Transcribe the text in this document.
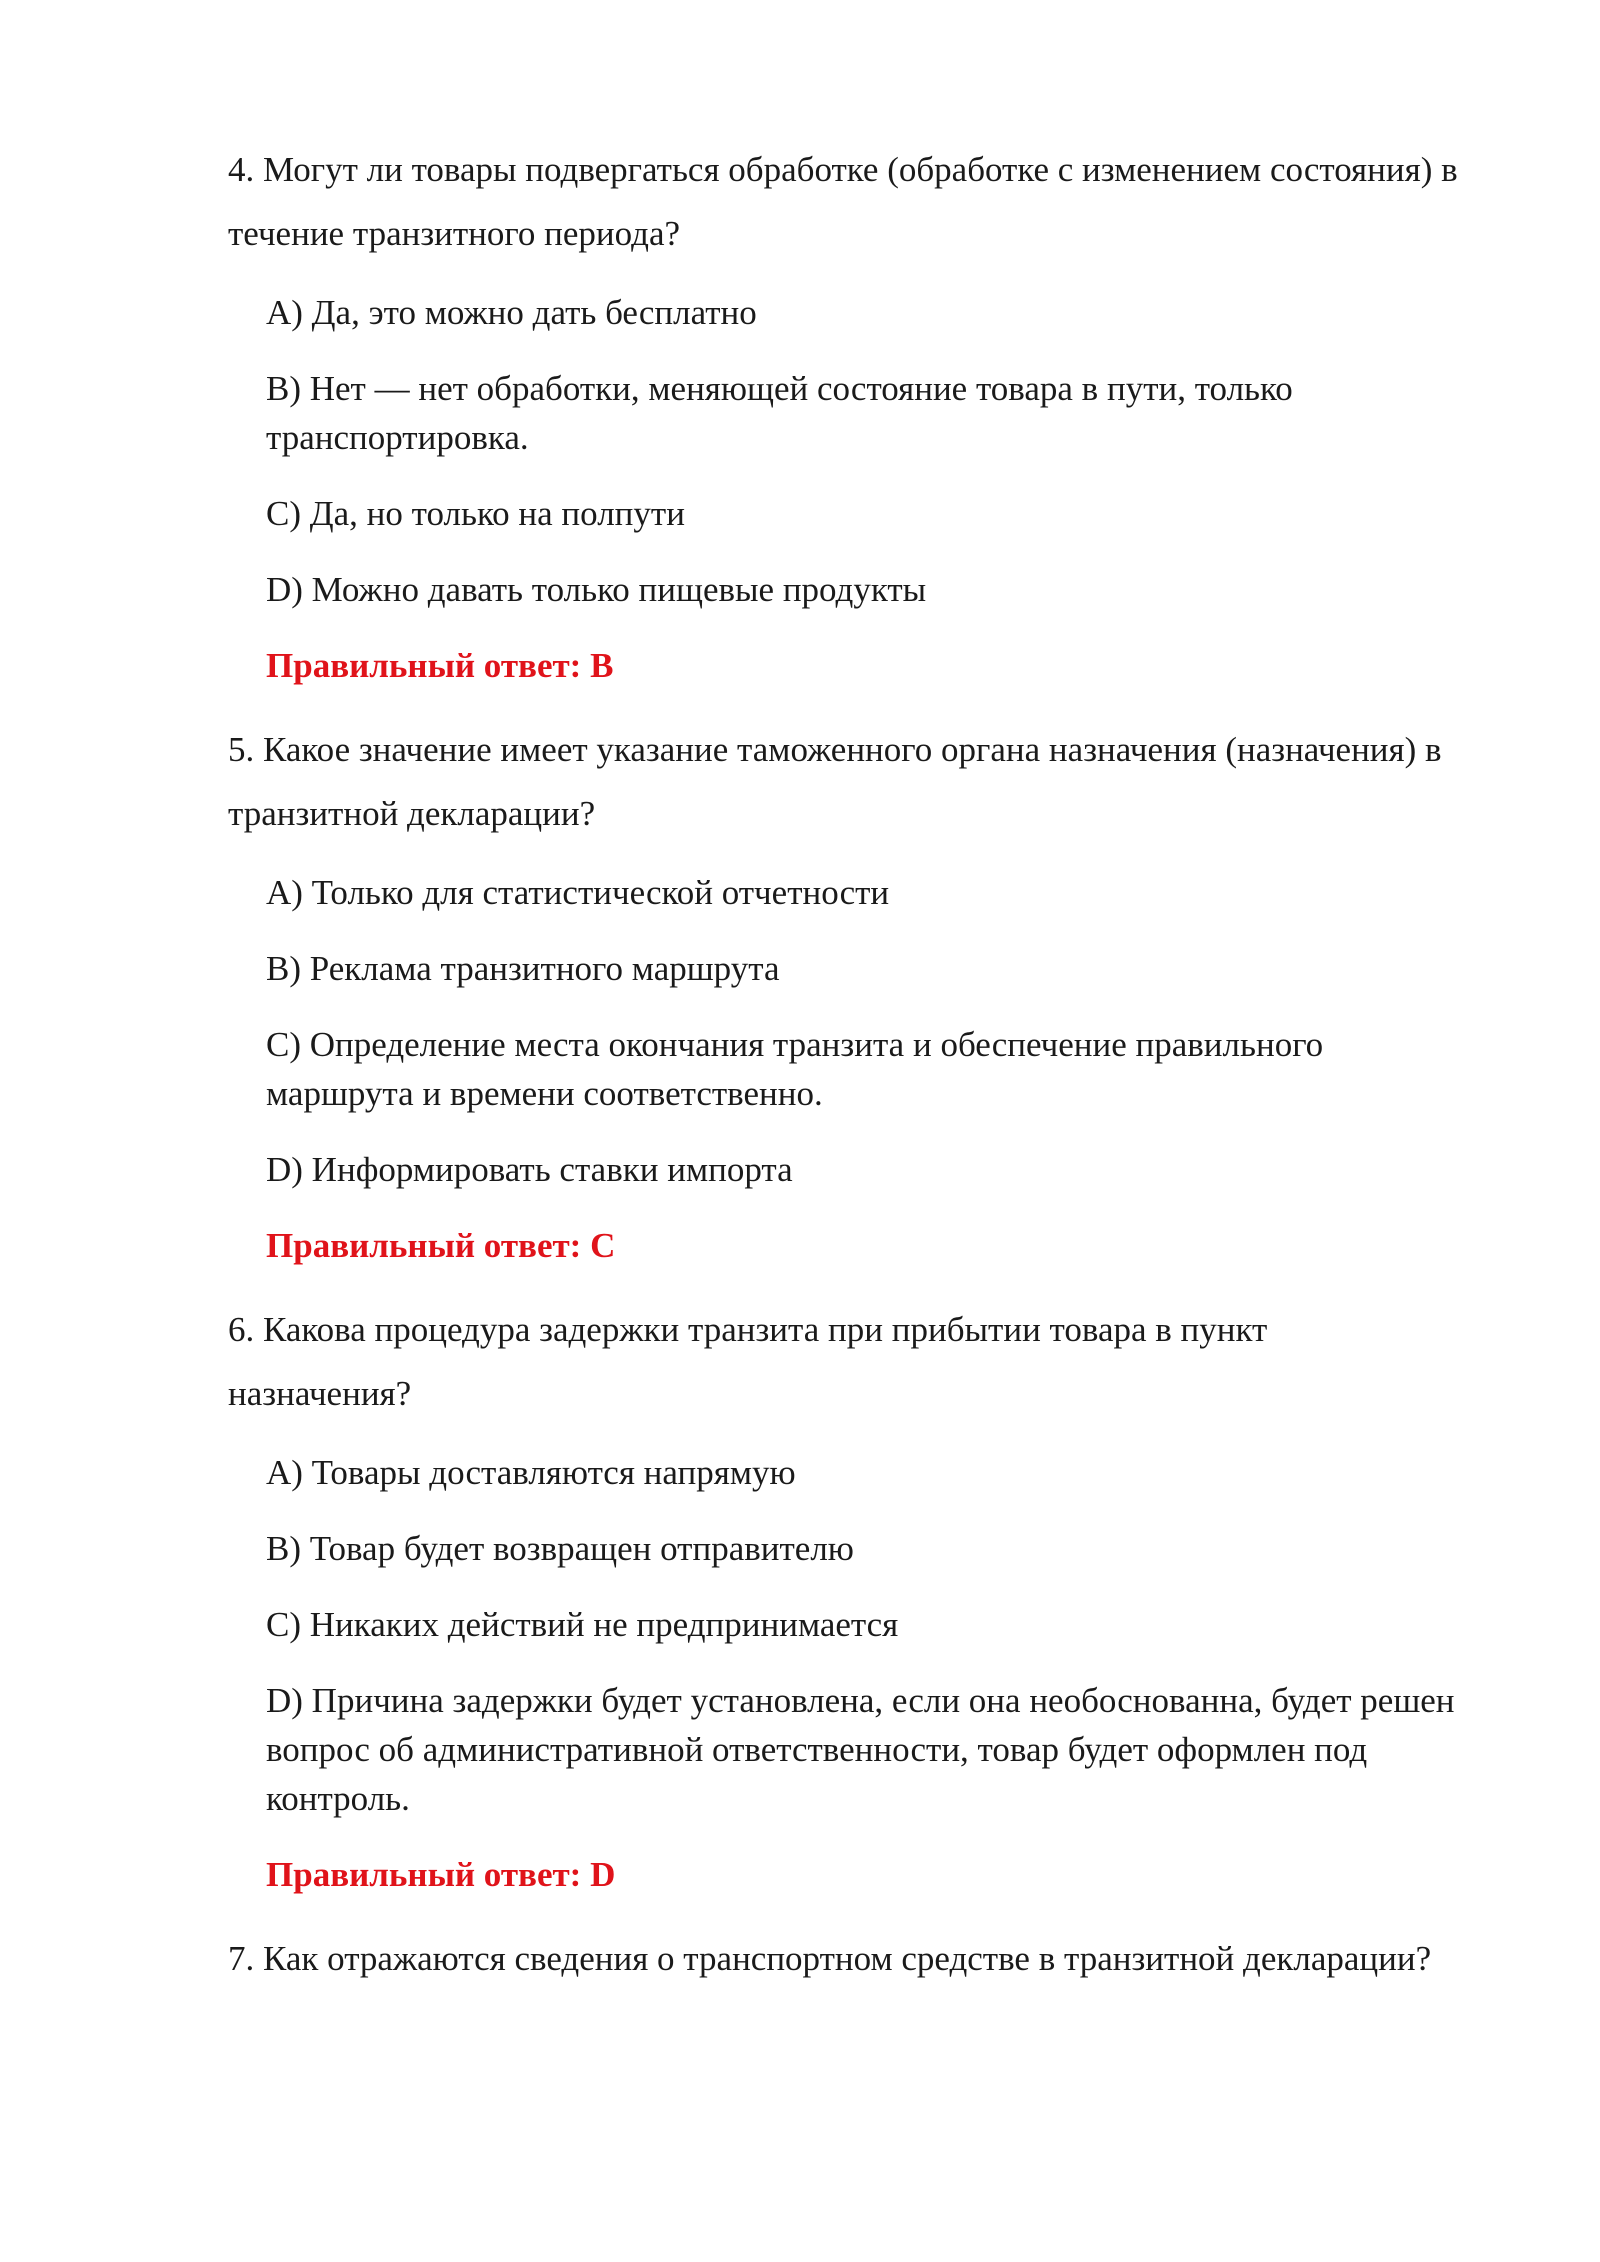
4. Могут ли товары подвергаться обработке (обработке с изменением состояния) в течение транзитного периода?

A) Да, это можно дать бесплатно

B) Нет — нет обработки, меняющей состояние товара в пути, только транспортировка.

C) Да, но только на полпути

D) Можно давать только пищевые продукты

Правильный ответ: B

5. Какое значение имеет указание таможенного органа назначения (назначения) в транзитной декларации?

A) Только для статистической отчетности

B) Реклама транзитного маршрута

C) Определение места окончания транзита и обеспечение правильного маршрута и времени соответственно.

D) Информировать ставки импорта

Правильный ответ: C

6. Какова процедура задержки транзита при прибытии товара в пункт назначения?

A) Товары доставляются напрямую

B) Товар будет возвращен отправителю

C) Никаких действий не предпринимается

D) Причина задержки будет установлена, если она необоснованна, будет решен вопрос об административной ответственности, товар будет оформлен под контроль.

Правильный ответ: D

7. Как отражаются сведения о транспортном средстве в транзитной декларации?
